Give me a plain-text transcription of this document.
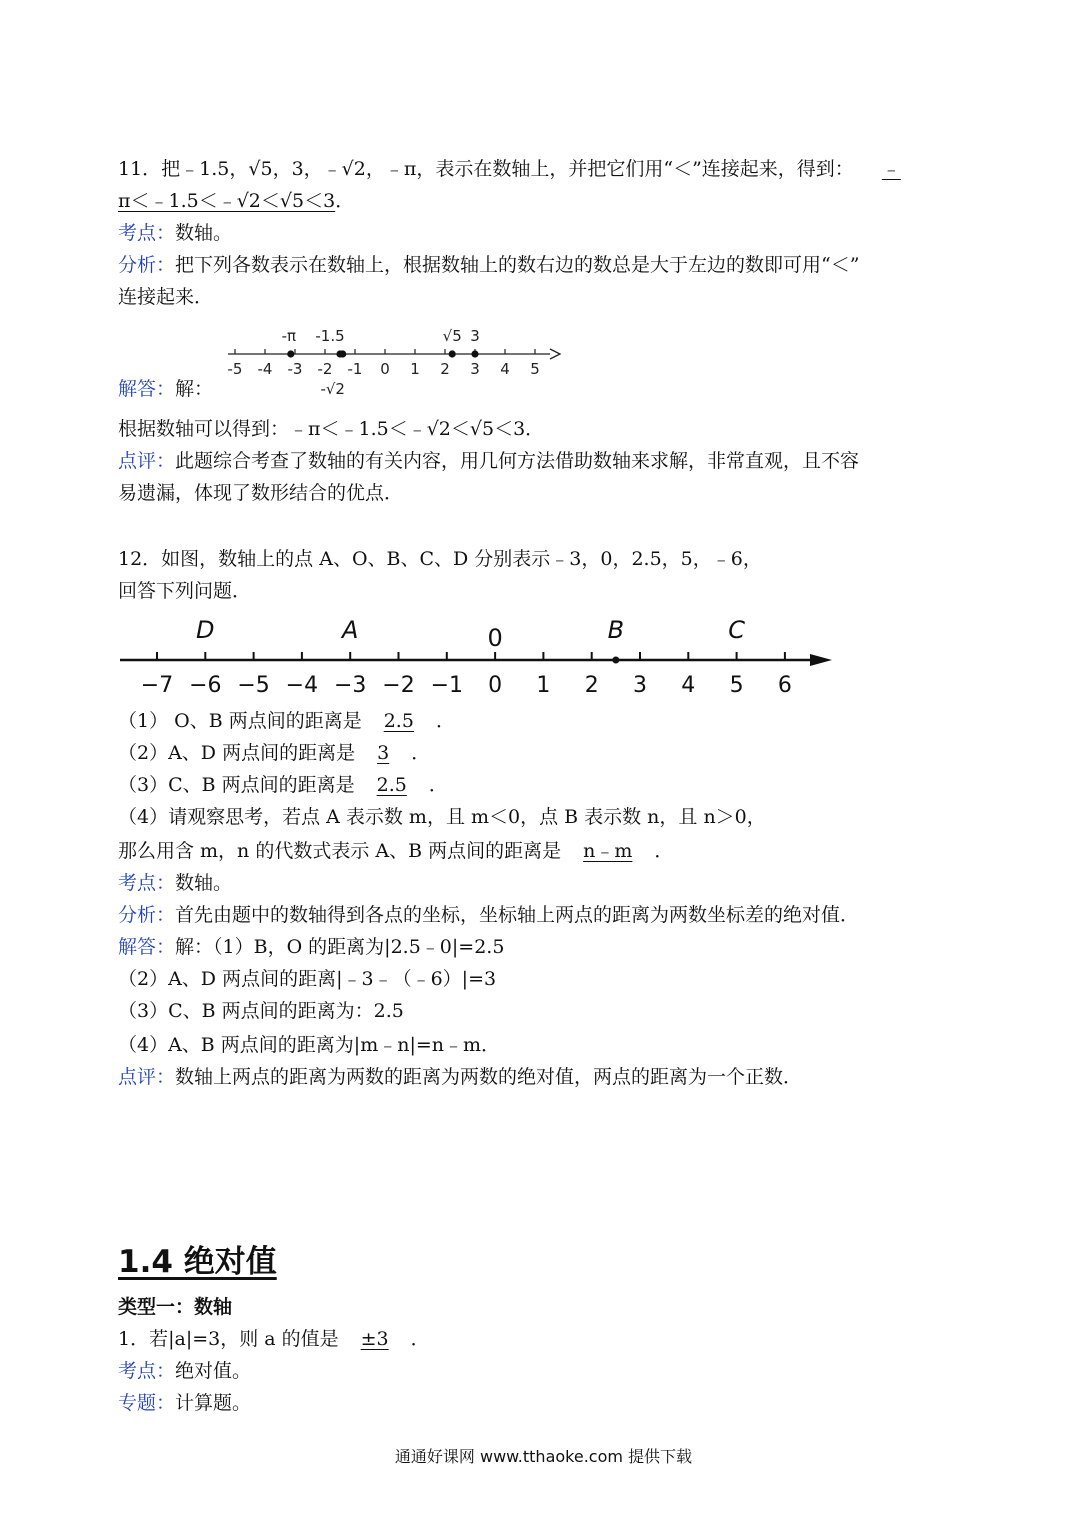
11．把﹣1.5，√5，3，﹣√2，﹣π，表示在数轴上，并把它们用“＜”连接起来，得到： ﹣
π＜﹣1.5＜﹣√2＜√5＜3．
考点：数轴。
分析：把下列各数表示在数轴上，根据数轴上的数右边的数总是大于左边的数即可用“＜”
连接起来．
-5 -4 -3 -2 -1 0 1 2 3 4 5
-π -1.5
-√2
√5 3
解答：解：
根据数轴可以得到：﹣π＜﹣1.5＜﹣√2＜√5＜3．
点评：此题综合考查了数轴的有关内容，用几何方法借助数轴来求解，非常直观，且不容
易遗漏，体现了数形结合的优点．
12．如图，数轴上的点 A、O、B、C、D 分别表示﹣3，0，2.5，5，﹣6，
回答下列问题．
−7 −6 −5 −4 −3 −2 −1 0 1 2 3 4 5 6
D	A	0	B	C
（1） O、B 两点间的距离是 2.5 ．
（2）A、D 两点间的距离是 3 ．
（3）C、B 两点间的距离是 2.5 ．
（4）请观察思考，若点 A 表示数 m，且 m＜0，点 B 表示数 n，且 n＞0，
那么用含 m，n 的代数式表示 A、B 两点间的距离是 n﹣m ．
考点：数轴。
分析：首先由题中的数轴得到各点的坐标，坐标轴上两点的距离为两数坐标差的绝对值．
解答：解：（1）B，O 的距离为|2.5﹣0|=2.5
（2）A、D 两点间的距离|﹣3﹣（﹣6）|=3
（3）C、B 两点间的距离为：2.5
（4）A、B 两点间的距离为|m﹣n|=n﹣m．
点评：数轴上两点的距离为两数的距离为两数的绝对值，两点的距离为一个正数．
1.4 绝对值
类型一：数轴
1．若|a|=3，则 a 的值是 ±3 ．
考点：绝对值。
专题：计算题。
通通好课网 www.tthaoke.com 提供下载
